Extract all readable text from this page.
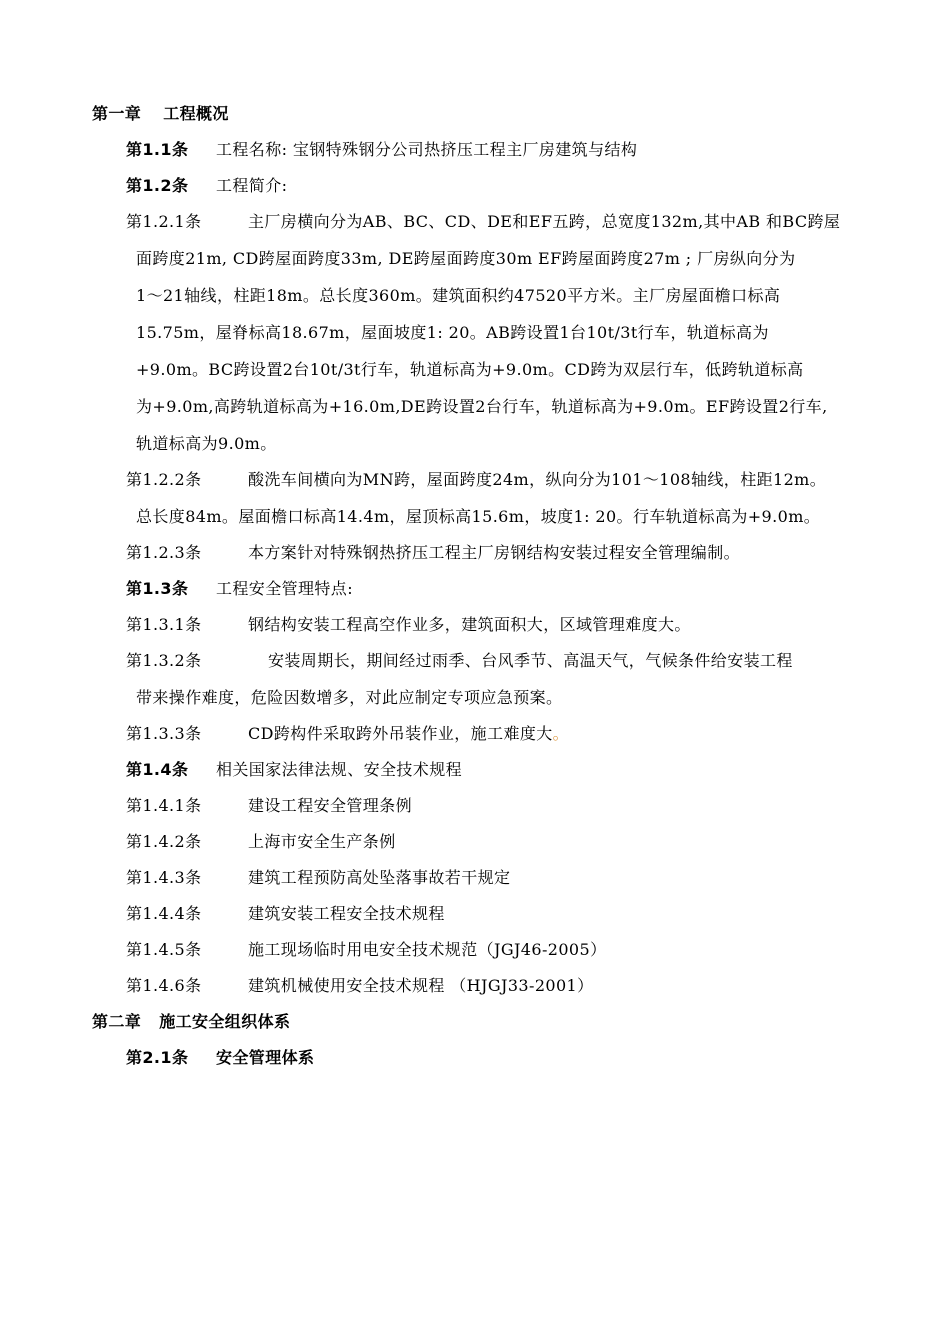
第一章 工程概况
第1.1条 工程名称: 宝钢特殊钢分公司热挤压工程主厂房建筑与结构
第1.2条 工程简介:
第1.2.1条	主厂房横向分为AB、BC、CD、DE和EF五跨，总宽度132m,其中AB 和BC跨屋
面跨度21m, CD跨屋面跨度33m, DE跨屋面跨度30m EF跨屋面跨度27m ; 厂房纵向分为
1～21轴线，柱距18m。总长度360m。建筑面积约47520平方米。主厂房屋面檐口标高
15.75m，屋脊标高18.67m，屋面坡度1: 20。AB跨设置1台10t/3t行车，轨道标高为
+9.0m。BC跨设置2台10t/3t行车，轨道标高为+9.0m。CD跨为双层行车，低跨轨道标高
为+9.0m,高跨轨道标高为+16.0m,DE跨设置2台行车，轨道标高为+9.0m。EF跨设置2行车,
轨道标高为9.0m。
第1.2.2条	酸洗车间横向为MN跨，屋面跨度24m，纵向分为101～108轴线，柱距12m。
总长度84m。屋面檐口标高14.4m，屋顶标高15.6m，坡度1: 20。行车轨道标高为+9.0m。
第1.2.3条	本方案针对特殊钢热挤压工程主厂房钢结构安装过程安全管理编制。
第1.3条 工程安全管理特点:
第1.3.1条	钢结构安装工程高空作业多，建筑面积大，区域管理难度大。
第1.3.2条	安装周期长，期间经过雨季、台风季节、高温天气，气候条件给安装工程
带来操作难度，危险因数增多，对此应制定专项应急预案。
第1.3.3条	CD跨构件采取跨外吊装作业，施工难度大。
第1.4条 相关国家法律法规、安全技术规程
第1.4.1条	建设工程安全管理条例
第1.4.2条	上海市安全生产条例
第1.4.3条	建筑工程预防高处坠落事故若干规定
第1.4.4条	建筑安装工程安全技术规程
第1.4.5条	施工现场临时用电安全技术规范（JGJ46-2005）
第1.4.6条	建筑机械使用安全技术规程 （HJGJ33-2001）
第二章 施工安全组织体系
第2.1条 安全管理体系
